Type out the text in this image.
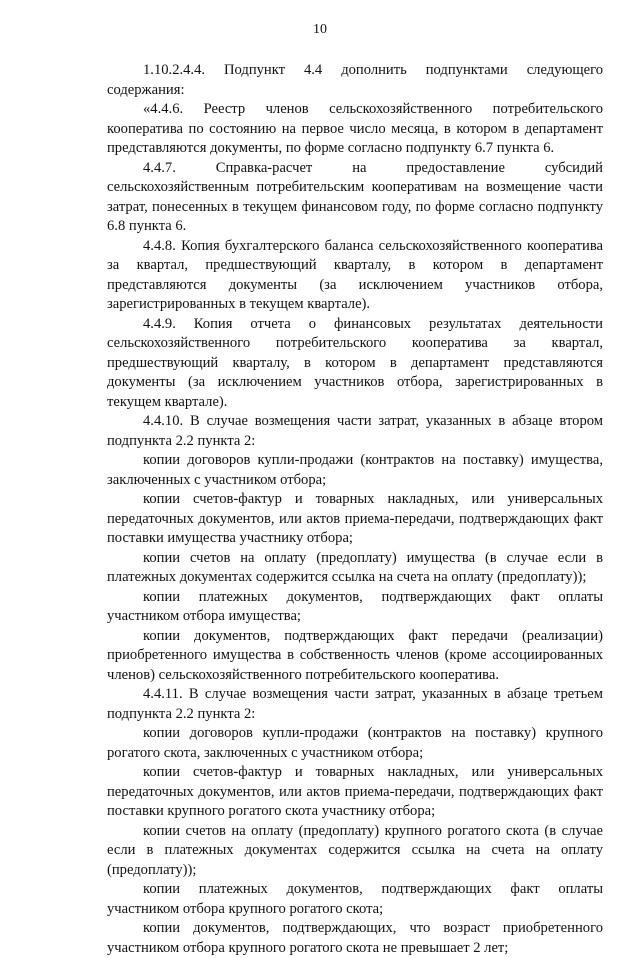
10

1.10.2.4.4. Подпункт 4.4 дополнить подпунктами следующего содержания:

«4.4.6. Реестр членов сельскохозяйственного потребительского кооператива по состоянию на первое число месяца, в котором в департамент представляются документы, по форме согласно подпункту 6.7 пункта 6.

4.4.7. Справка-расчет на предоставление субсидий сельскохозяйственным потребительским кооперативам на возмещение части затрат, понесенных в текущем финансовом году, по форме согласно подпункту 6.8 пункта 6.

4.4.8. Копия бухгалтерского баланса сельскохозяйственного кооператива за квартал, предшествующий кварталу, в котором в департамент представляются документы (за исключением участников отбора, зарегистрированных в текущем квартале).

4.4.9. Копия отчета о финансовых результатах деятельности сельскохозяйственного потребительского кооператива за квартал, предшествующий кварталу, в котором в департамент представляются документы (за исключением участников отбора, зарегистрированных в текущем квартале).

4.4.10. В случае возмещения части затрат, указанных в абзаце втором подпункта 2.2 пункта 2:

копии договоров купли-продажи (контрактов на поставку) имущества, заключенных с участником отбора;

копии счетов-фактур и товарных накладных, или универсальных передаточных документов, или актов приема-передачи, подтверждающих факт поставки имущества участнику отбора;

копии счетов на оплату (предоплату) имущества (в случае если в платежных документах содержится ссылка на счета на оплату (предоплату));

копии платежных документов, подтверждающих факт оплаты участником отбора имущества;

копии документов, подтверждающих факт передачи (реализации) приобретенного имущества в собственность членов (кроме ассоциированных членов) сельскохозяйственного потребительского кооператива.

4.4.11. В случае возмещения части затрат, указанных в абзаце третьем подпункта 2.2 пункта 2:

копии договоров купли-продажи (контрактов на поставку) крупного рогатого скота, заключенных с участником отбора;

копии счетов-фактур и товарных накладных, или универсальных передаточных документов, или актов приема-передачи, подтверждающих факт поставки крупного рогатого скота участнику отбора;

копии счетов на оплату (предоплату) крупного рогатого скота (в случае если в платежных документах содержится ссылка на счета на оплату (предоплату));

копии платежных документов, подтверждающих факт оплаты участником отбора крупного рогатого скота;

копии документов, подтверждающих, что возраст приобретенного участником отбора крупного рогатого скота не превышает 2 лет;
